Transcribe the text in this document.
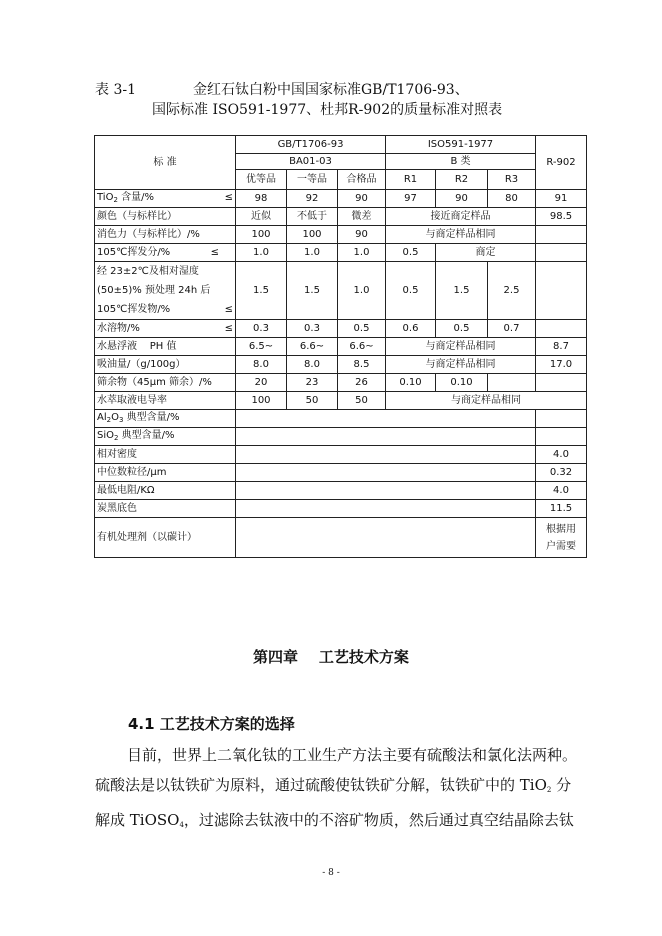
表 3-1	金红石钛白粉中国国家标准GB/T1706-93、
国际标准 ISO591-1977、杜邦R-902的质量标准对照表
标 准	GB/T1706-93			ISO591-1977			R-902
	BA01-03			B 类			
	优等品	一等品	合格品	R1	R2	R3	
TiO$_2$ 含量/% ≤	98	92	90	97	90	80	91
颜色（与标样比）	近似	不低于	微差	接近商定样品			98.5
消色力（与标样比）/%	100	100	90	与商定样品相同			
105℃挥发分/% ≤	1.0	1.0	1.0	0.5	商定		

经 23±2℃及相对湿度
(50±5)% 预处理 24h 后
105℃挥发物/% ≤	1.5	1.5	1.0	0.5	1.5	2.5	
水溶物/% ≤	0.3	0.3	0.5	0.6	0.5	0.7	
水悬浮液    PH 值	6.5~	6.6~	6.6~	与商定样品相同			8.7
吸油量/（g/100g）	8.0	8.0	8.5	与商定样品相同			17.0
筛余物（45μm 筛余）/%	20	23	26	0.10	0.10		
水萃取液电导率	100	50	50	与商定样品相同			
$Al_2O_3$ 典型含量/%							
SiO$_2$ 典型含量/%							
相对密度							4.0
中位数粒径/μm							0.32
最低电阻/KΩ							4.0
炭黑底色							11.5
有机处理剂（以碳计）							根据用
户需要
第四章    工艺技术方案
4.1 工艺技术方案的选择

目前，世界上二氧化钛的工业生产方法主要有硫酸法和氯化法两种。

硫酸法是以钛铁矿为原料，通过硫酸使钛铁矿分解，钛铁矿中的 TiO$_2$ 分

解成 TiOSO$_4$，过滤除去钛液中的不溶矿物质，然后通过真空结晶除去钛

- 8 -
